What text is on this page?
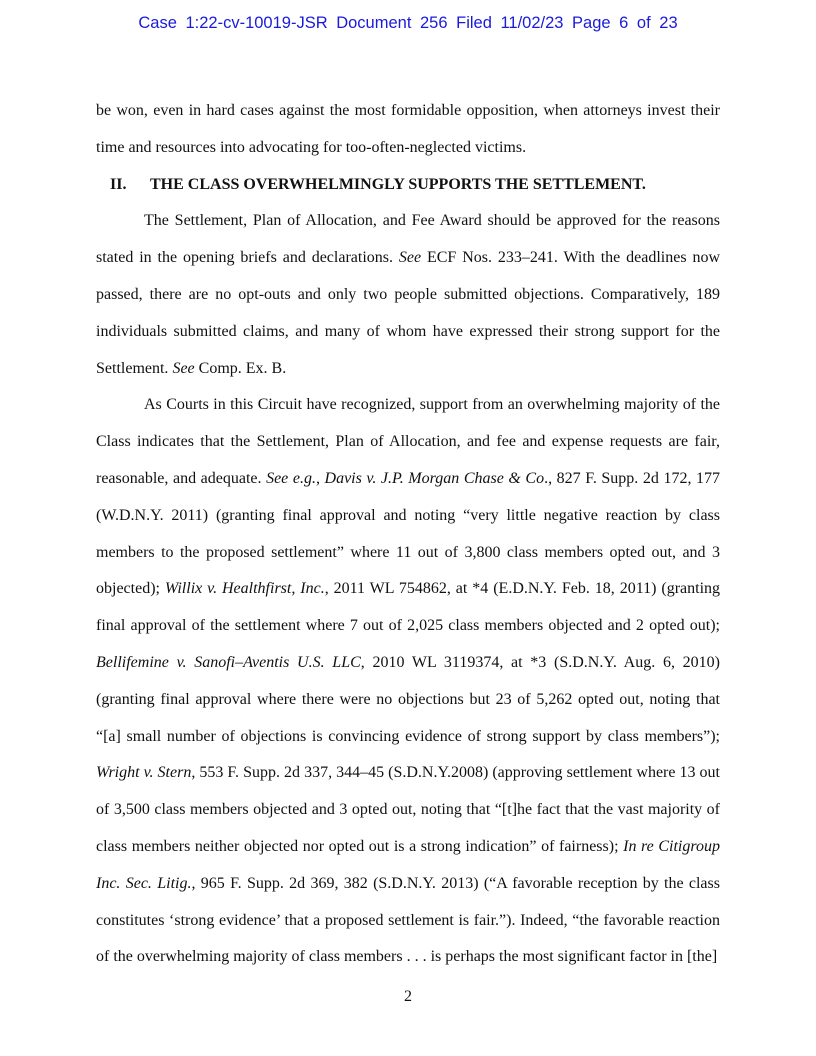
Case 1:22-cv-10019-JSR Document 256 Filed 11/02/23 Page 6 of 23

be won, even in hard cases against the most formidable opposition, when attorneys invest their time and resources into advocating for too-often-neglected victims.

II. THE CLASS OVERWHELMINGLY SUPPORTS THE SETTLEMENT.

The Settlement, Plan of Allocation, and Fee Award should be approved for the reasons stated in the opening briefs and declarations. See ECF Nos. 233–241. With the deadlines now passed, there are no opt-outs and only two people submitted objections. Comparatively, 189 individuals submitted claims, and many of whom have expressed their strong support for the Settlement. See Comp. Ex. B.

As Courts in this Circuit have recognized, support from an overwhelming majority of the Class indicates that the Settlement, Plan of Allocation, and fee and expense requests are fair, reasonable, and adequate. See e.g., Davis v. J.P. Morgan Chase & Co., 827 F. Supp. 2d 172, 177 (W.D.N.Y. 2011) (granting final approval and noting “very little negative reaction by class members to the proposed settlement” where 11 out of 3,800 class members opted out, and 3 objected); Willix v. Healthfirst, Inc., 2011 WL 754862, at *4 (E.D.N.Y. Feb. 18, 2011) (granting final approval of the settlement where 7 out of 2,025 class members objected and 2 opted out); Bellifemine v. Sanofi–Aventis U.S. LLC, 2010 WL 3119374, at *3 (S.D.N.Y. Aug. 6, 2010) (granting final approval where there were no objections but 23 of 5,262 opted out, noting that “[a] small number of objections is convincing evidence of strong support by class members”); Wright v. Stern, 553 F. Supp. 2d 337, 344–45 (S.D.N.Y.2008) (approving settlement where 13 out of 3,500 class members objected and 3 opted out, noting that “[t]he fact that the vast majority of class members neither objected nor opted out is a strong indication” of fairness); In re Citigroup Inc. Sec. Litig., 965 F. Supp. 2d 369, 382 (S.D.N.Y. 2013) (“A favorable reception by the class constitutes ‘strong evidence’ that a proposed settlement is fair.”). Indeed, “the favorable reaction of the overwhelming majority of class members . . . is perhaps the most significant factor in [the]

2
